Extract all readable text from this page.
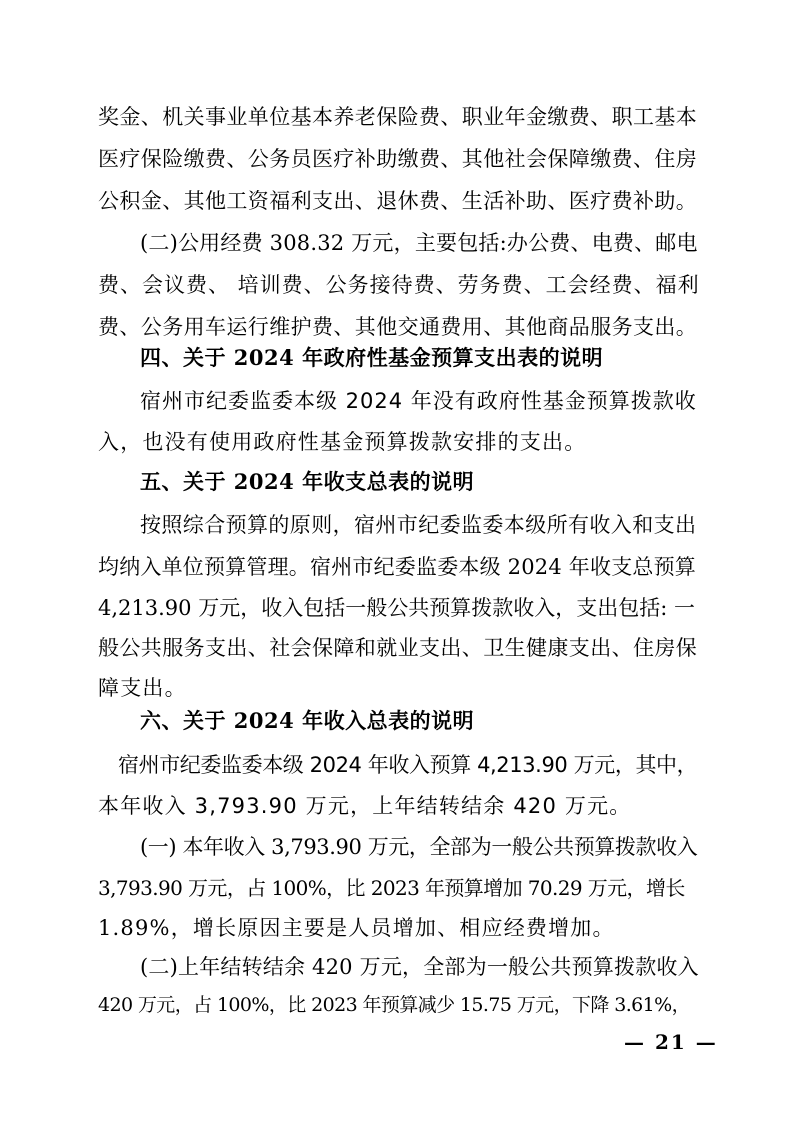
奖金、机关事业单位基本养老保险费、职业年金缴费、职工基本
医疗保险缴费、公务员医疗补助缴费、其他社会保障缴费、住房
公积金、其他工资福利支出、退休费、生活补助、医疗费补助。
(二)公用经费 308.32 万元，主要包括:办公费、电费、邮电
费、会议费、 培训费、公务接待费、劳务费、工会经费、福利
费、公务用车运行维护费、其他交通费用、其他商品服务支出。
四、关于 2024 年政府性基金预算支出表的说明
宿州市纪委监委本级 2024 年没有政府性基金预算拨款收
入，也没有使用政府性基金预算拨款安排的支出。
五、关于 2024 年收支总表的说明
按照综合预算的原则，宿州市纪委监委本级所有收入和支出
均纳入单位预算管理。宿州市纪委监委本级 2024 年收支总预算
4,213.90 万元，收入包括一般公共预算拨款收入，支出包括: 一
般公共服务支出、社会保障和就业支出、卫生健康支出、住房保
障支出。
六、关于 2024 年收入总表的说明
宿州市纪委监委本级 2024 年收入预算 4,213.90 万元，其中，
本年收入 3,793.90 万元，上年结转结余 420 万元。
(一) 本年收入 3,793.90 万元，全部为一般公共预算拨款收入
3,793.90 万元，占 100%，比 2023 年预算增加 70.29 万元，增长
1.89%，增长原因主要是人员增加、相应经费增加。
(二)上年结转结余 420 万元，全部为一般公共预算拨款收入
420 万元，占 100%，比 2023 年预算减少 15.75 万元，下降 3.61%，
— 21 —
